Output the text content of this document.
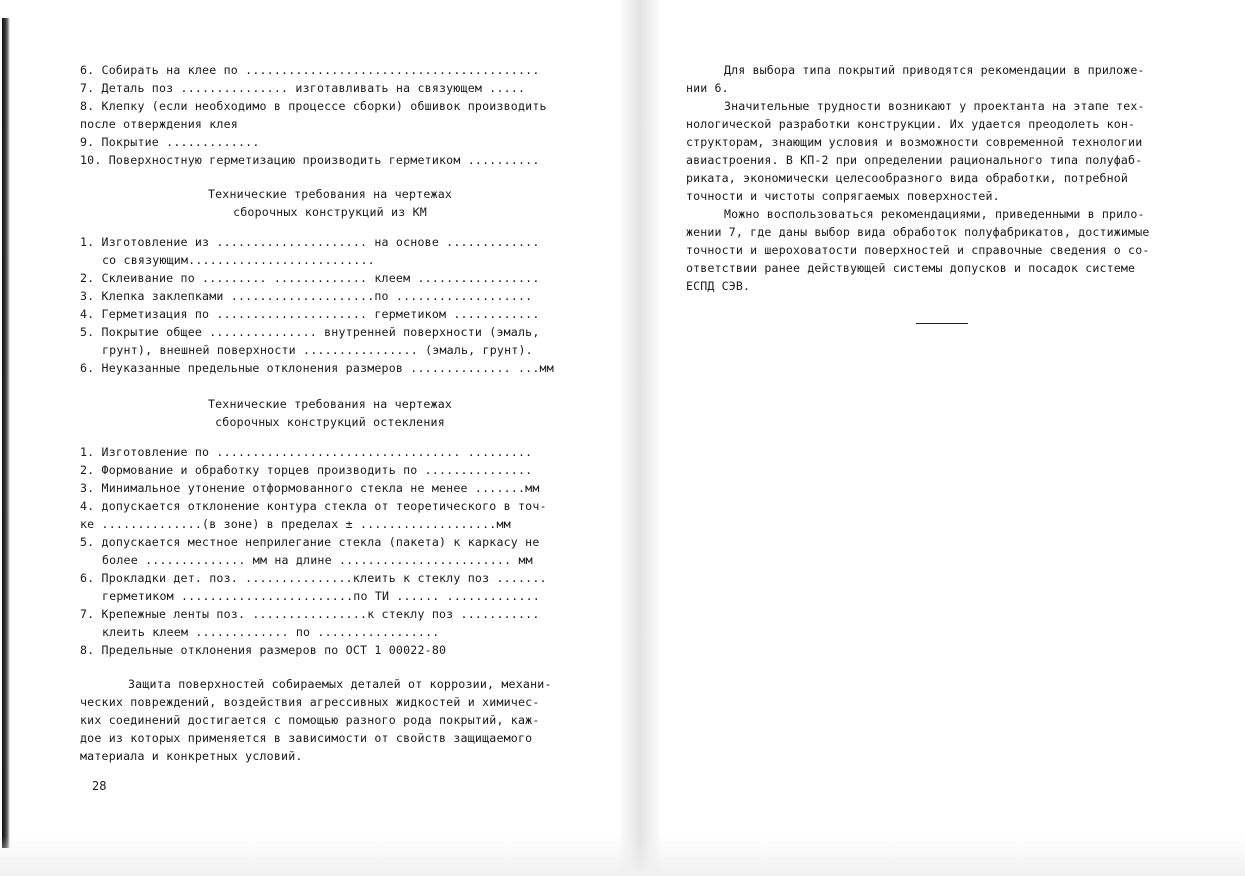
6. Собирать на клее по .........................................
7. Деталь поз ............... изготавливать на связующем .....
8. Клепку (если необходимо в процессе сборки) обшивок производить
после отверждения клея
9. Покрытие .............
10. Поверхностную герметизацию производить герметиком ..........
Технические требования на чертежах
сборочных конструкций из КМ
1. Изготовление из ..................... на основе .............
со связующим..........................
2. Склеивание по ......... ............. клеем .................
3. Клепка заклепками ....................по ...................
4. Герметизация по ..................... герметиком ............
5. Покрытие общее ............... внутренней поверхности (эмаль,
грунт), внешней поверхности ................ (эмаль, грунт).
6. Неуказанные предельные отклонения размеров .............. ...мм
Технические требования на чертежах
сборочных конструкций остекления
1. Изготовление по .................................. .........
2. Формование и обработку торцев производить по ...............
3. Минимальное утонение отформованного стекла не менее .......мм
4. допускается отклонение контура стекла от теоретического в точ-
ке ..............(в зоне) в пределах ± ...................мм
5. допускается местное неприлегание стекла (пакета) к каркасу не
более .............. мм на длине ........................ мм
6. Прокладки дет. поз. ...............клеить к стеклу поз .......
герметиком ........................по ТИ ...... .............
7. Крепежные ленты поз. ................к стеклу поз ...........
клеить клеем ............. по .................
8. Предельные отклонения размеров по ОСТ 1 00022-80
Защита поверхностей собираемых деталей от коррозии, механи-
ческих повреждений, воздействия агрессивных жидкостей и химичес-
ких соединений достигается с помощью разного рода покрытий, каж-
дое из которых применяется в зависимости от свойств защищаемого
материала и конкретных условий.
28
Для выбора типа покрытий приводятся рекомендации в приложе-
нии 6.
Значительные трудности возникают у проектанта на этапе тех-
нологической разработки конструкции. Их удается преодолеть кон-
структорам, знающим условия и возможности современной технологии
авиастроения. В КП-2 при определении рационального типа полуфаб-
риката, экономически целесообразного вида обработки, потребной
точности и чистоты сопрягаемых поверхностей.
Можно воспользоваться рекомендациями, приведенными в прило-
жении 7, где даны выбор вида обработок полуфабрикатов, достижимые
точности и шероховатости поверхностей и справочные сведения о со-
ответствии ранее действующей системы допусков и посадок системе
ЕСПД СЭВ.
